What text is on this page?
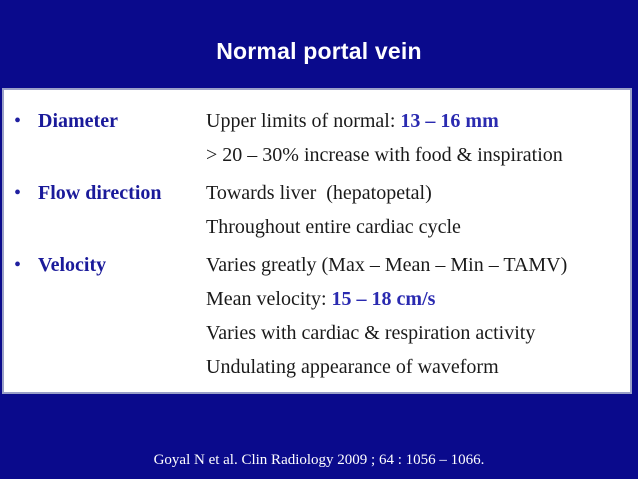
Normal portal vein
• Diameter	Upper limits of normal: 13 – 16 mm
> 20 – 30% increase with food & inspiration
• Flow direction Towards liver  (hepatopetal)
Throughout entire cardiac cycle
• Velocity	Varies greatly (Max – Mean – Min – TAMV)
Mean velocity: 15 – 18 cm/s
Varies with cardiac & respiration activity
Undulating appearance of waveform
Goyal N et al. Clin Radiology 2009 ; 64 : 1056 – 1066.
